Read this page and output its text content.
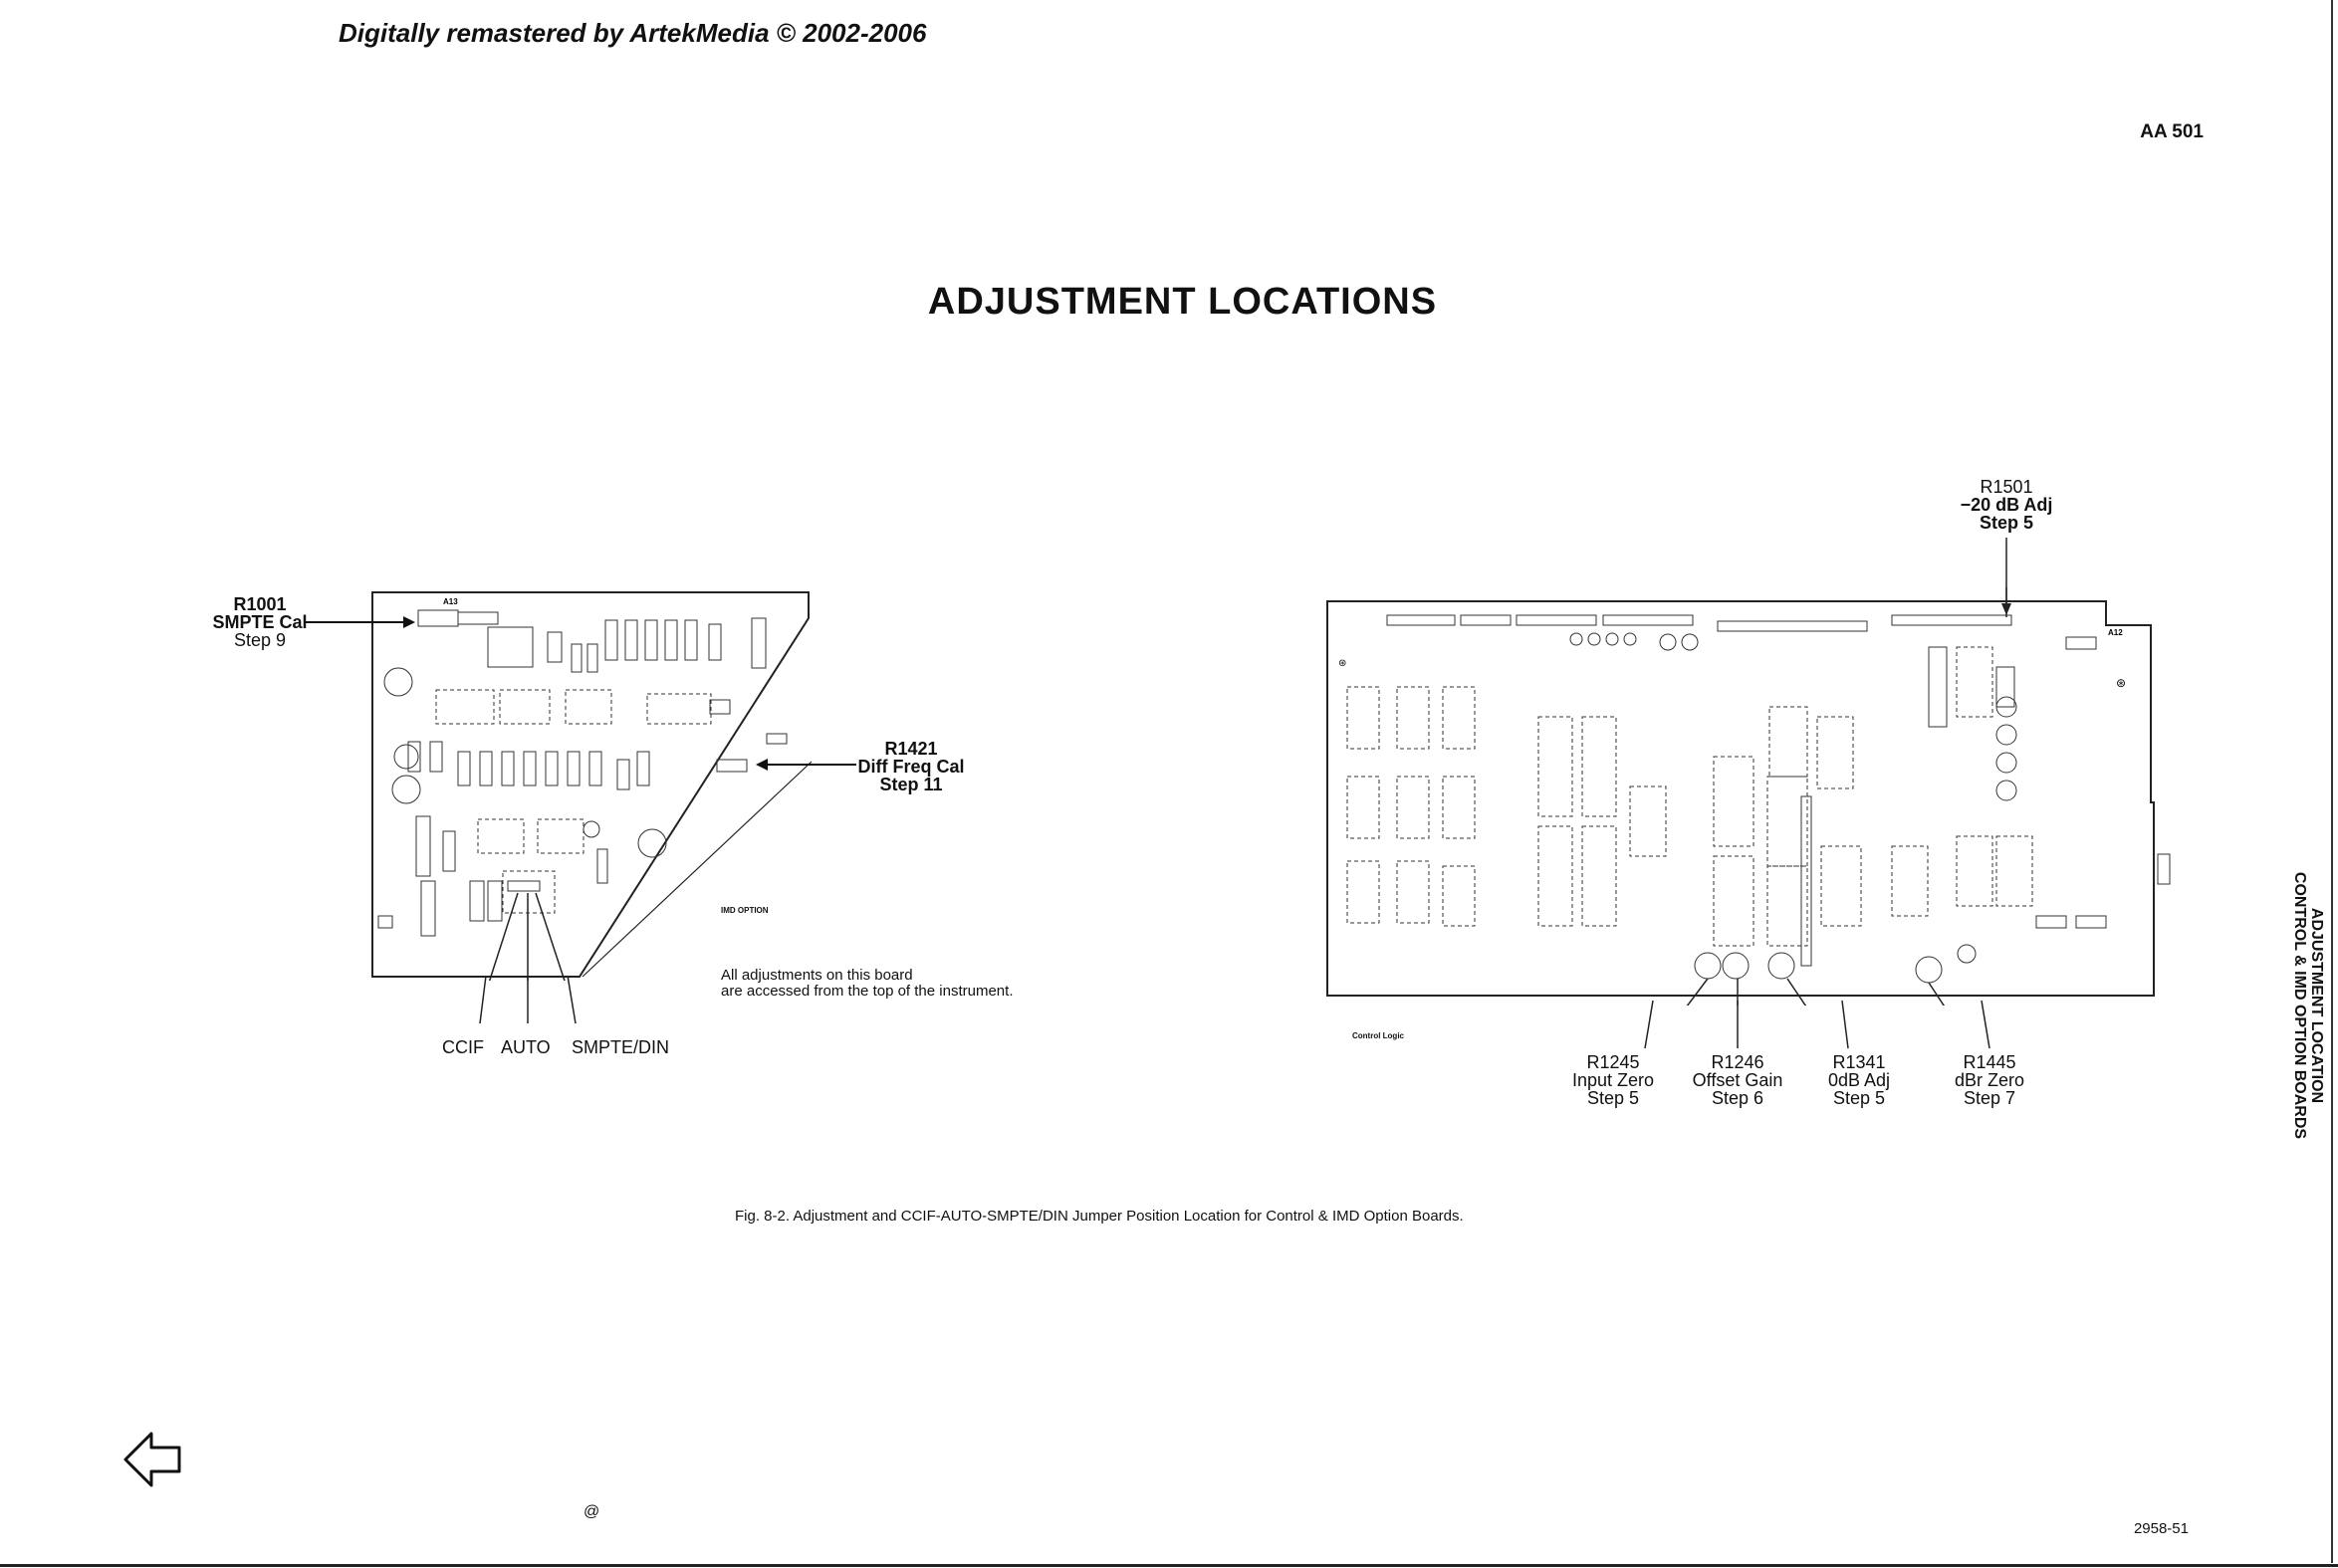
Digitally remastered by ArtekMedia © 2002-2006
AA 501
ADJUSTMENT LOCATIONS
A13
R1001
SMPTE Cal
Step 9
R1421
Diff Freq Cal
Step 11
IMD OPTION
All adjustments on this board
are accessed from the top of the instrument.
CCIF AUTO SMPTE/DIN
⊛
⊛
A12
Control Logic
R1501
−20 dB Adj
Step 5
R1245
Input Zero
Step 5
R1246
Offset Gain
Step 6
R1341
0dB Adj
Step 5
R1445
dBr Zero
Step 7	ADJUSTMENT LOCATION
CONTROL & IMD OPTION BOARDS
Fig. 8-2. Adjustment and CCIF-AUTO-SMPTE/DIN Jumper Position Location for Control & IMD Option Boards.
@
2958-51
